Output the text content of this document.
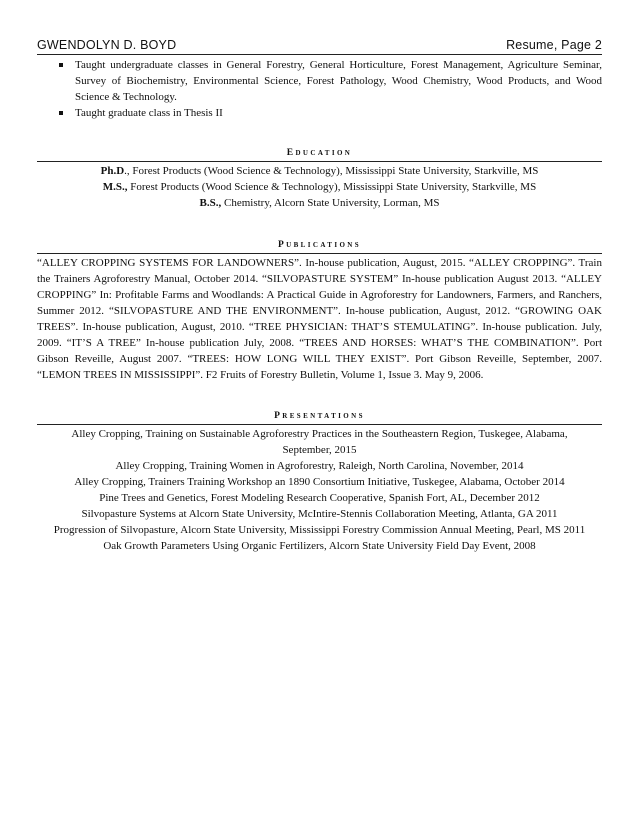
GWENDOLYN D. BOYD	Resume, Page 2
Taught undergraduate classes in General Forestry, General Horticulture, Forest Management, Agriculture Seminar, Survey of Biochemistry, Environmental Science, Forest Pathology, Wood Chemistry, Wood Products, and Wood Science & Technology.
Taught graduate class in Thesis II
Education
Ph.D., Forest Products (Wood Science & Technology), Mississippi State University, Starkville, MS
M.S., Forest Products (Wood Science & Technology), Mississippi State University, Starkville, MS
B.S., Chemistry, Alcorn State University, Lorman, MS
Publications
“ALLEY CROPPING SYSTEMS FOR LANDOWNERS”. In-house publication, August, 2015. “ALLEY CROPPING”. Train the Trainers Agroforestry Manual, October 2014. “SILVOPASTURE SYSTEM” In-house publication August 2013. “ALLEY CROPPING” In: Profitable Farms and Woodlands: A Practical Guide in Agroforestry for Landowners, Farmers, and Ranchers, Summer 2012. “SILVOPASTURE AND THE ENVIRONMENT”. In-house publication, August, 2012. “GROWING OAK TREES”. In-house publication, August, 2010. “TREE PHYSICIAN: THAT’S STEMULATING”. In-house publication. July, 2009. “IT’S A TREE” In-house publication July, 2008. “TREES AND HORSES: WHAT’S THE COMBINATION”. Port Gibson Reveille, August 2007. “TREES: HOW LONG WILL THEY EXIST”. Port Gibson Reveille, September, 2007. “LEMON TREES IN MISSISSIPPI”. F2 Fruits of Forestry Bulletin, Volume 1, Issue 3. May 9, 2006.
Presentations
Alley Cropping, Training on Sustainable Agroforestry Practices in the Southeastern Region, Tuskegee, Alabama, September, 2015
Alley Cropping, Training Women in Agroforestry, Raleigh, North Carolina, November, 2014
Alley Cropping, Trainers Training Workshop an 1890 Consortium Initiative, Tuskegee, Alabama, October 2014
Pine Trees and Genetics, Forest Modeling Research Cooperative, Spanish Fort, AL, December 2012
Silvopasture Systems at Alcorn State University, McIntire-Stennis Collaboration Meeting, Atlanta, GA 2011
Progression of Silvopasture, Alcorn State University, Mississippi Forestry Commission Annual Meeting, Pearl, MS 2011
Oak Growth Parameters Using Organic Fertilizers, Alcorn State University Field Day Event, 2008
